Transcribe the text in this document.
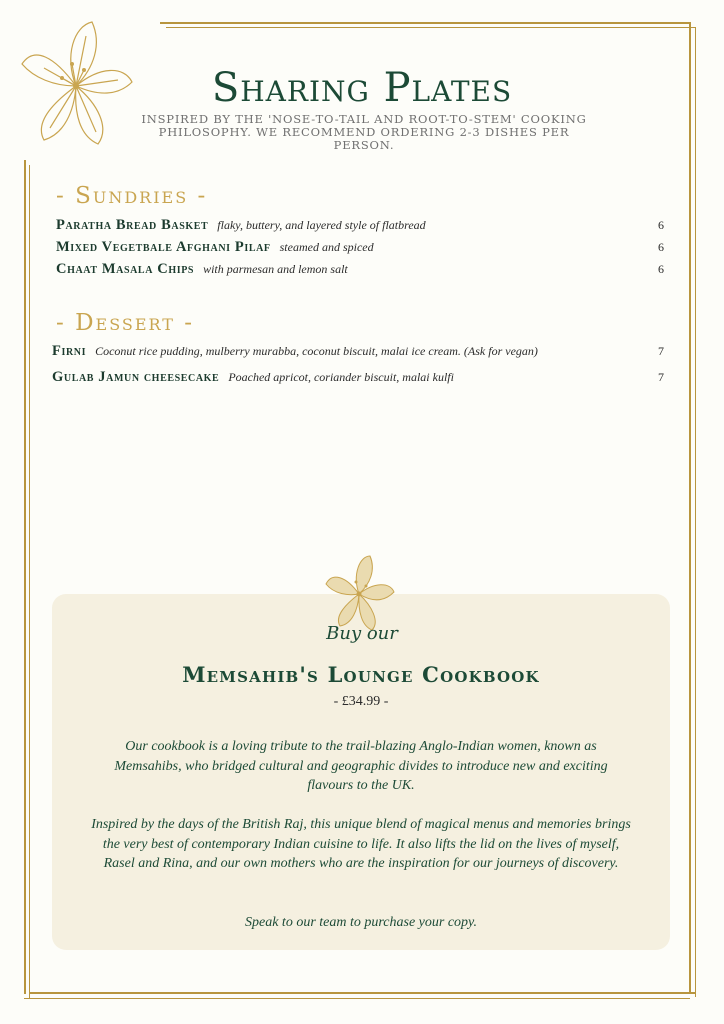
Sharing Plates
INSPIRED BY THE 'NOSE-TO-TAIL AND ROOT-TO-STEM' COOKING PHILOSOPHY. WE RECOMMEND ORDERING 2-3 DISHES PER PERSON.
- Sundries -
Paratha Bread Basket flaky, buttery, and layered style of flatbread	6
Mixed Vegetbale Afghani Pilaf steamed and spiced	6
Chaat Masala Chips with parmesan and lemon salt	6
- Dessert -
Firni Coconut rice pudding, mulberry murabba, coconut biscuit, malai ice cream. (Ask for vegan)	7
Gulab Jamun cheesecake Poached apricot, coriander biscuit, malai kulfi	7
Buy our
Memsahib's Lounge Cookbook
- £34.99 -
Our cookbook is a loving tribute to the trail-blazing Anglo-Indian women, known as Memsahibs, who bridged cultural and geographic divides to introduce new and exciting flavours to the UK.
Inspired by the days of the British Raj, this unique blend of magical menus and memories brings the very best of contemporary Indian cuisine to life. It also lifts the lid on the lives of myself, Rasel and Rina, and our own mothers who are the inspiration for our journeys of discovery.
Speak to our team to purchase your copy.
